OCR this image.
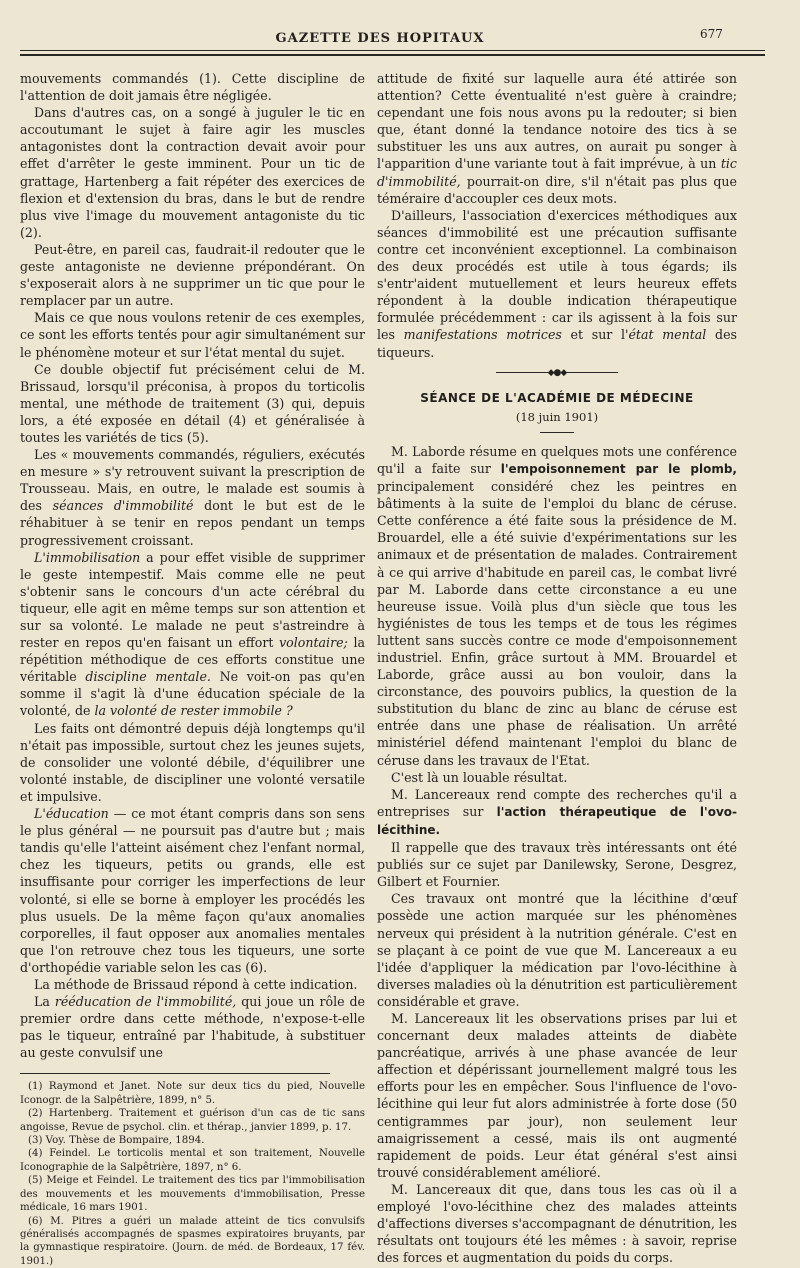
GAZETTE DES HOPITAUX	677

mouvements commandés (1). Cette discipline de l'attention de doit jamais être négligée.

Dans d'autres cas, on a songé à juguler le tic en accoutumant le sujet à faire agir les muscles antagonistes dont la contraction devait avoir pour effet d'arrêter le geste imminent. Pour un tic de grattage, Hartenberg a fait répéter des exercices de flexion et d'extension du bras, dans le but de rendre plus vive l'image du mouvement antagoniste du tic (2).

Peut-être, en pareil cas, faudrait-il redouter que le geste antagoniste ne devienne prépondérant. On s'exposerait alors à ne supprimer un tic que pour le remplacer par un autre.

Mais ce que nous voulons retenir de ces exemples, ce sont les efforts tentés pour agir simultanément sur le phénomène moteur et sur l'état mental du sujet.

Ce double objectif fut précisément celui de M. Brissaud, lorsqu'il préconisa, à propos du torticolis mental, une méthode de traitement (3) qui, depuis lors, a été exposée en détail (4) et généralisée à toutes les variétés de tics (5).

Les « mouvements commandés, réguliers, exécutés en mesure » s'y retrouvent suivant la prescription de Trousseau. Mais, en outre, le malade est soumis à des séances d'immobilité dont le but est de le réhabituer à se tenir en repos pendant un temps progressivement croissant.

L'immobilisation a pour effet visible de supprimer le geste intempestif. Mais comme elle ne peut s'obtenir sans le concours d'un acte cérébral du tiqueur, elle agit en même temps sur son attention et sur sa volonté. Le malade ne peut s'astreindre à rester en repos qu'en faisant un effort volontaire; la répétition méthodique de ces efforts constitue une véritable discipline mentale. Ne voit-on pas qu'en somme il s'agit là d'une éducation spéciale de la volonté, de la volonté de rester immobile ?

Les faits ont démontré depuis déjà longtemps qu'il n'était pas impossible, surtout chez les jeunes sujets, de consolider une volonté débile, d'équilibrer une volonté instable, de discipliner une volonté versatile et impulsive.

L'éducation — ce mot étant compris dans son sens le plus général — ne poursuit pas d'autre but ; mais tandis qu'elle l'atteint aisément chez l'enfant normal, chez les tiqueurs, petits ou grands, elle est insuffisante pour corriger les imperfections de leur volonté, si elle se borne à employer les procédés les plus usuels. De la même façon qu'aux anomalies corporelles, il faut opposer aux anomalies mentales que l'on retrouve chez tous les tiqueurs, une sorte d'orthopédie variable selon les cas (6).

La méthode de Brissaud répond à cette indication.

La rééducation de l'immobilité, qui joue un rôle de premier ordre dans cette méthode, n'expose-t-elle pas le tiqueur, entraîné par l'habitude, à substituer au geste convulsif une

(1) Raymond et Janet. Note sur deux tics du pied, Nouvelle Iconogr. de la Salpêtrière, 1899, n° 5.

(2) Hartenberg. Traitement et guérison d'un cas de tic sans angoisse, Revue de psychol. clin. et thérap., janvier 1899, p. 17.

(3) Voy. Thèse de Bompaire, 1894.

(4) Feindel. Le torticolis mental et son traitement, Nouvelle Iconographie de la Salpêtrière, 1897, n° 6.

(5) Meige et Feindel. Le traitement des tics par l'immobilisation des mouvements et les mouvements d'immobilisation, Presse médicale, 16 mars 1901.

(6) M. Pitres a guéri un malade atteint de tics convulsifs généralisés accompagnés de spasmes expiratoires bruyants, par la gymnastique respiratoire. (Journ. de méd. de Bordeaux, 17 fév. 1901.)

attitude de fixité sur laquelle aura été attirée son attention? Cette éventualité n'est guère à craindre; cependant une fois nous avons pu la redouter; si bien que, étant donné la tendance notoire des tics à se substituer les uns aux autres, on aurait pu songer à l'apparition d'une variante tout à fait imprévue, à un tic d'immobilité, pourrait-on dire, s'il n'était pas plus que téméraire d'accoupler ces deux mots.

D'ailleurs, l'association d'exercices méthodiques aux séances d'immobilité est une précaution suffisante contre cet inconvénient exceptionnel. La combinaison des deux procédés est utile à tous égards; ils s'entr'aident mutuellement et leurs heureux effets répondent à la double indication thérapeutique formulée précédemment : car ils agissent à la fois sur les manifestations motrices et sur l'état mental des tiqueurs.

◆●◆
SÉANCE DE L'ACADÉMIE DE MÉDECINE
(18 juin 1901)

M. Laborde résume en quelques mots une conférence qu'il a faite sur l'empoisonnement par le plomb, principalement considéré chez les peintres en bâtiments à la suite de l'emploi du blanc de céruse. Cette conférence a été faite sous la présidence de M. Brouardel, elle a été suivie d'expérimentations sur les animaux et de présentation de malades. Contrairement à ce qui arrive d'habitude en pareil cas, le combat livré par M. Laborde dans cette circonstance a eu une heureuse issue. Voilà plus d'un siècle que tous les hygiénistes de tous les temps et de tous les régimes luttent sans succès contre ce mode d'empoisonnement industriel. Enfin, grâce surtout à MM. Brouardel et Laborde, grâce aussi au bon vouloir, dans la circonstance, des pouvoirs publics, la question de la substitution du blanc de zinc au blanc de céruse est entrée dans une phase de réalisation. Un arrêté ministériel défend maintenant l'emploi du blanc de céruse dans les travaux de l'Etat.

C'est là un louable résultat.

M. Lancereaux rend compte des recherches qu'il a entreprises sur l'action thérapeutique de l'ovo-lécithine.

Il rappelle que des travaux très intéressants ont été publiés sur ce sujet par Danilewsky, Serone, Desgrez, Gilbert et Fournier.

Ces travaux ont montré que la lécithine d'œuf possède une action marquée sur les phénomènes nerveux qui président à la nutrition générale. C'est en se plaçant à ce point de vue que M. Lancereaux a eu l'idée d'appliquer la médication par l'ovo-lécithine à diverses maladies où la dénutrition est particulièrement considérable et grave.

M. Lancereaux lit les observations prises par lui et concernant deux malades atteints de diabète pancréatique, arrivés à une phase avancée de leur affection et dépérissant journellement malgré tous les efforts pour les en empêcher. Sous l'influence de l'ovo-lécithine qui leur fut alors administrée à forte dose (50 centigrammes par jour), non seulement leur amaigrissement a cessé, mais ils ont augmenté rapidement de poids. Leur état général s'est ainsi trouvé considérablement amélioré.

M. Lancereaux dit que, dans tous les cas où il a employé l'ovo-lécithine chez des malades atteints d'affections diverses s'accompagnant de dénutrition, les résultats ont toujours été les mêmes : à savoir, reprise des forces et augmentation du poids du corps.
